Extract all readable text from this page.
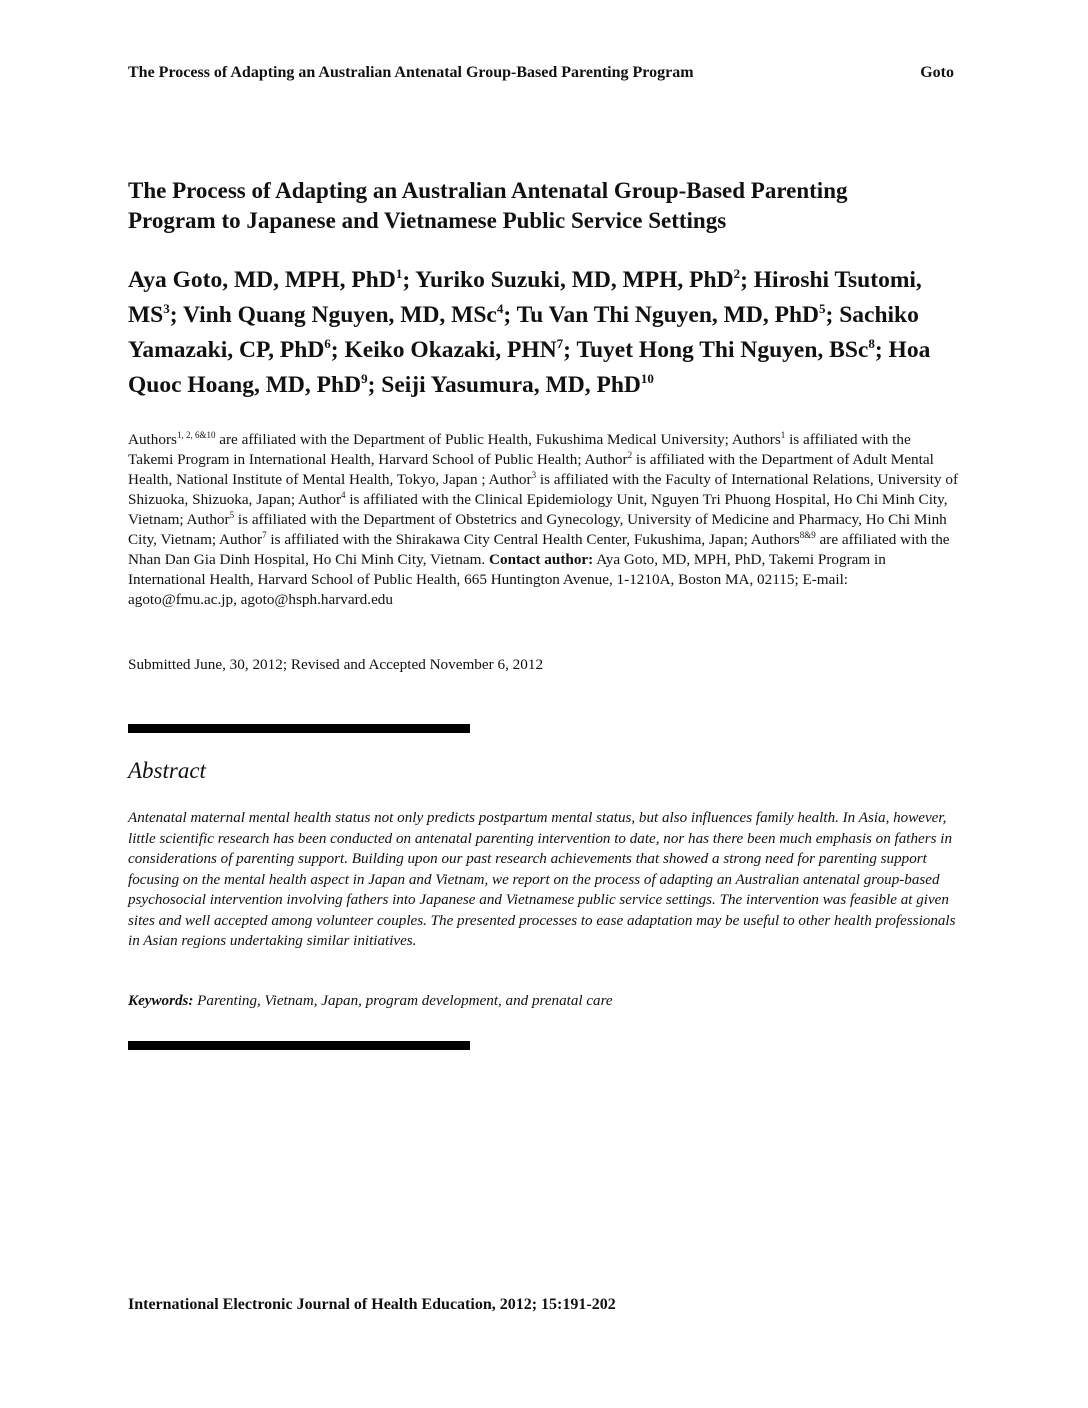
The Process of Adapting an Australian Antenatal Group-Based Parenting Program	Goto
The Process of Adapting an Australian Antenatal Group-Based Parenting
Program to Japanese and Vietnamese Public Service Settings

Aya Goto, MD, MPH, PhD$^1$; Yuriko Suzuki, MD, MPH, PhD$^2$; Hiroshi Tsutomi, $MS^3$; Vinh Quang Nguyen, MD, MSc$^4$; Tu Van Thi Nguyen, MD, PhD$^5$; Sachiko Yamazaki, CP, PhD$^6$; Keiko Okazaki, PHN$^7$; Tuyet Hong Thi Nguyen, BSc$^8$; Hoa Quoc Hoang, MD, PhD$^9$; Seiji Yasumura, MD, PhD$^{10}$

Authors$^{1, 2, 6\&10}$ are affiliated with the Department of Public Health, Fukushima Medical University; Authors$^1$ is affiliated with the Takemi Program in International Health, Harvard School of Public Health; Author$^2$ is affiliated with the Department of Adult Mental Health, National Institute of Mental Health, Tokyo, Japan ; Author$^3$ is affiliated with the Faculty of International Relations, University of Shizuoka, Shizuoka, Japan; Author$^4$ is affiliated with the Clinical Epidemiology Unit, Nguyen Tri Phuong Hospital, Ho Chi Minh City, Vietnam; Author$^5$ is affiliated with the Department of Obstetrics and Gynecology, University of Medicine and Pharmacy, Ho Chi Minh City, Vietnam; Author$^7$ is affiliated with the Shirakawa City Central Health Center, Fukushima, Japan; Authors$^{8\&9}$ are affiliated with the Nhan Dan Gia Dinh Hospital, Ho Chi Minh City, Vietnam. Contact author: Aya Goto, MD, MPH, PhD, Takemi Program in International Health, Harvard School of Public Health, 665 Huntington Avenue, 1-1210A, Boston MA, 02115; E-mail: agoto@fmu.ac.jp, agoto@hsph.harvard.edu

Submitted June, 30, 2012; Revised and Accepted November 6, 2012

Abstract

Antenatal maternal mental health status not only predicts postpartum mental status, but also influences family health. In Asia, however, little scientific research has been conducted on antenatal parenting intervention to date, nor has there been much emphasis on fathers in considerations of parenting support. Building upon our past research achievements that showed a strong need for parenting support focusing on the mental health aspect in Japan and Vietnam, we report on the process of adapting an Australian antenatal group-based psychosocial intervention involving fathers into Japanese and Vietnamese public service settings. The intervention was feasible at given sites and well accepted among volunteer couples. The presented processes to ease adaptation may be useful to other health professionals in Asian regions undertaking similar initiatives.

Keywords: Parenting, Vietnam, Japan, program development, and prenatal care

International Electronic Journal of Health Education, 2012; 15:191-202
